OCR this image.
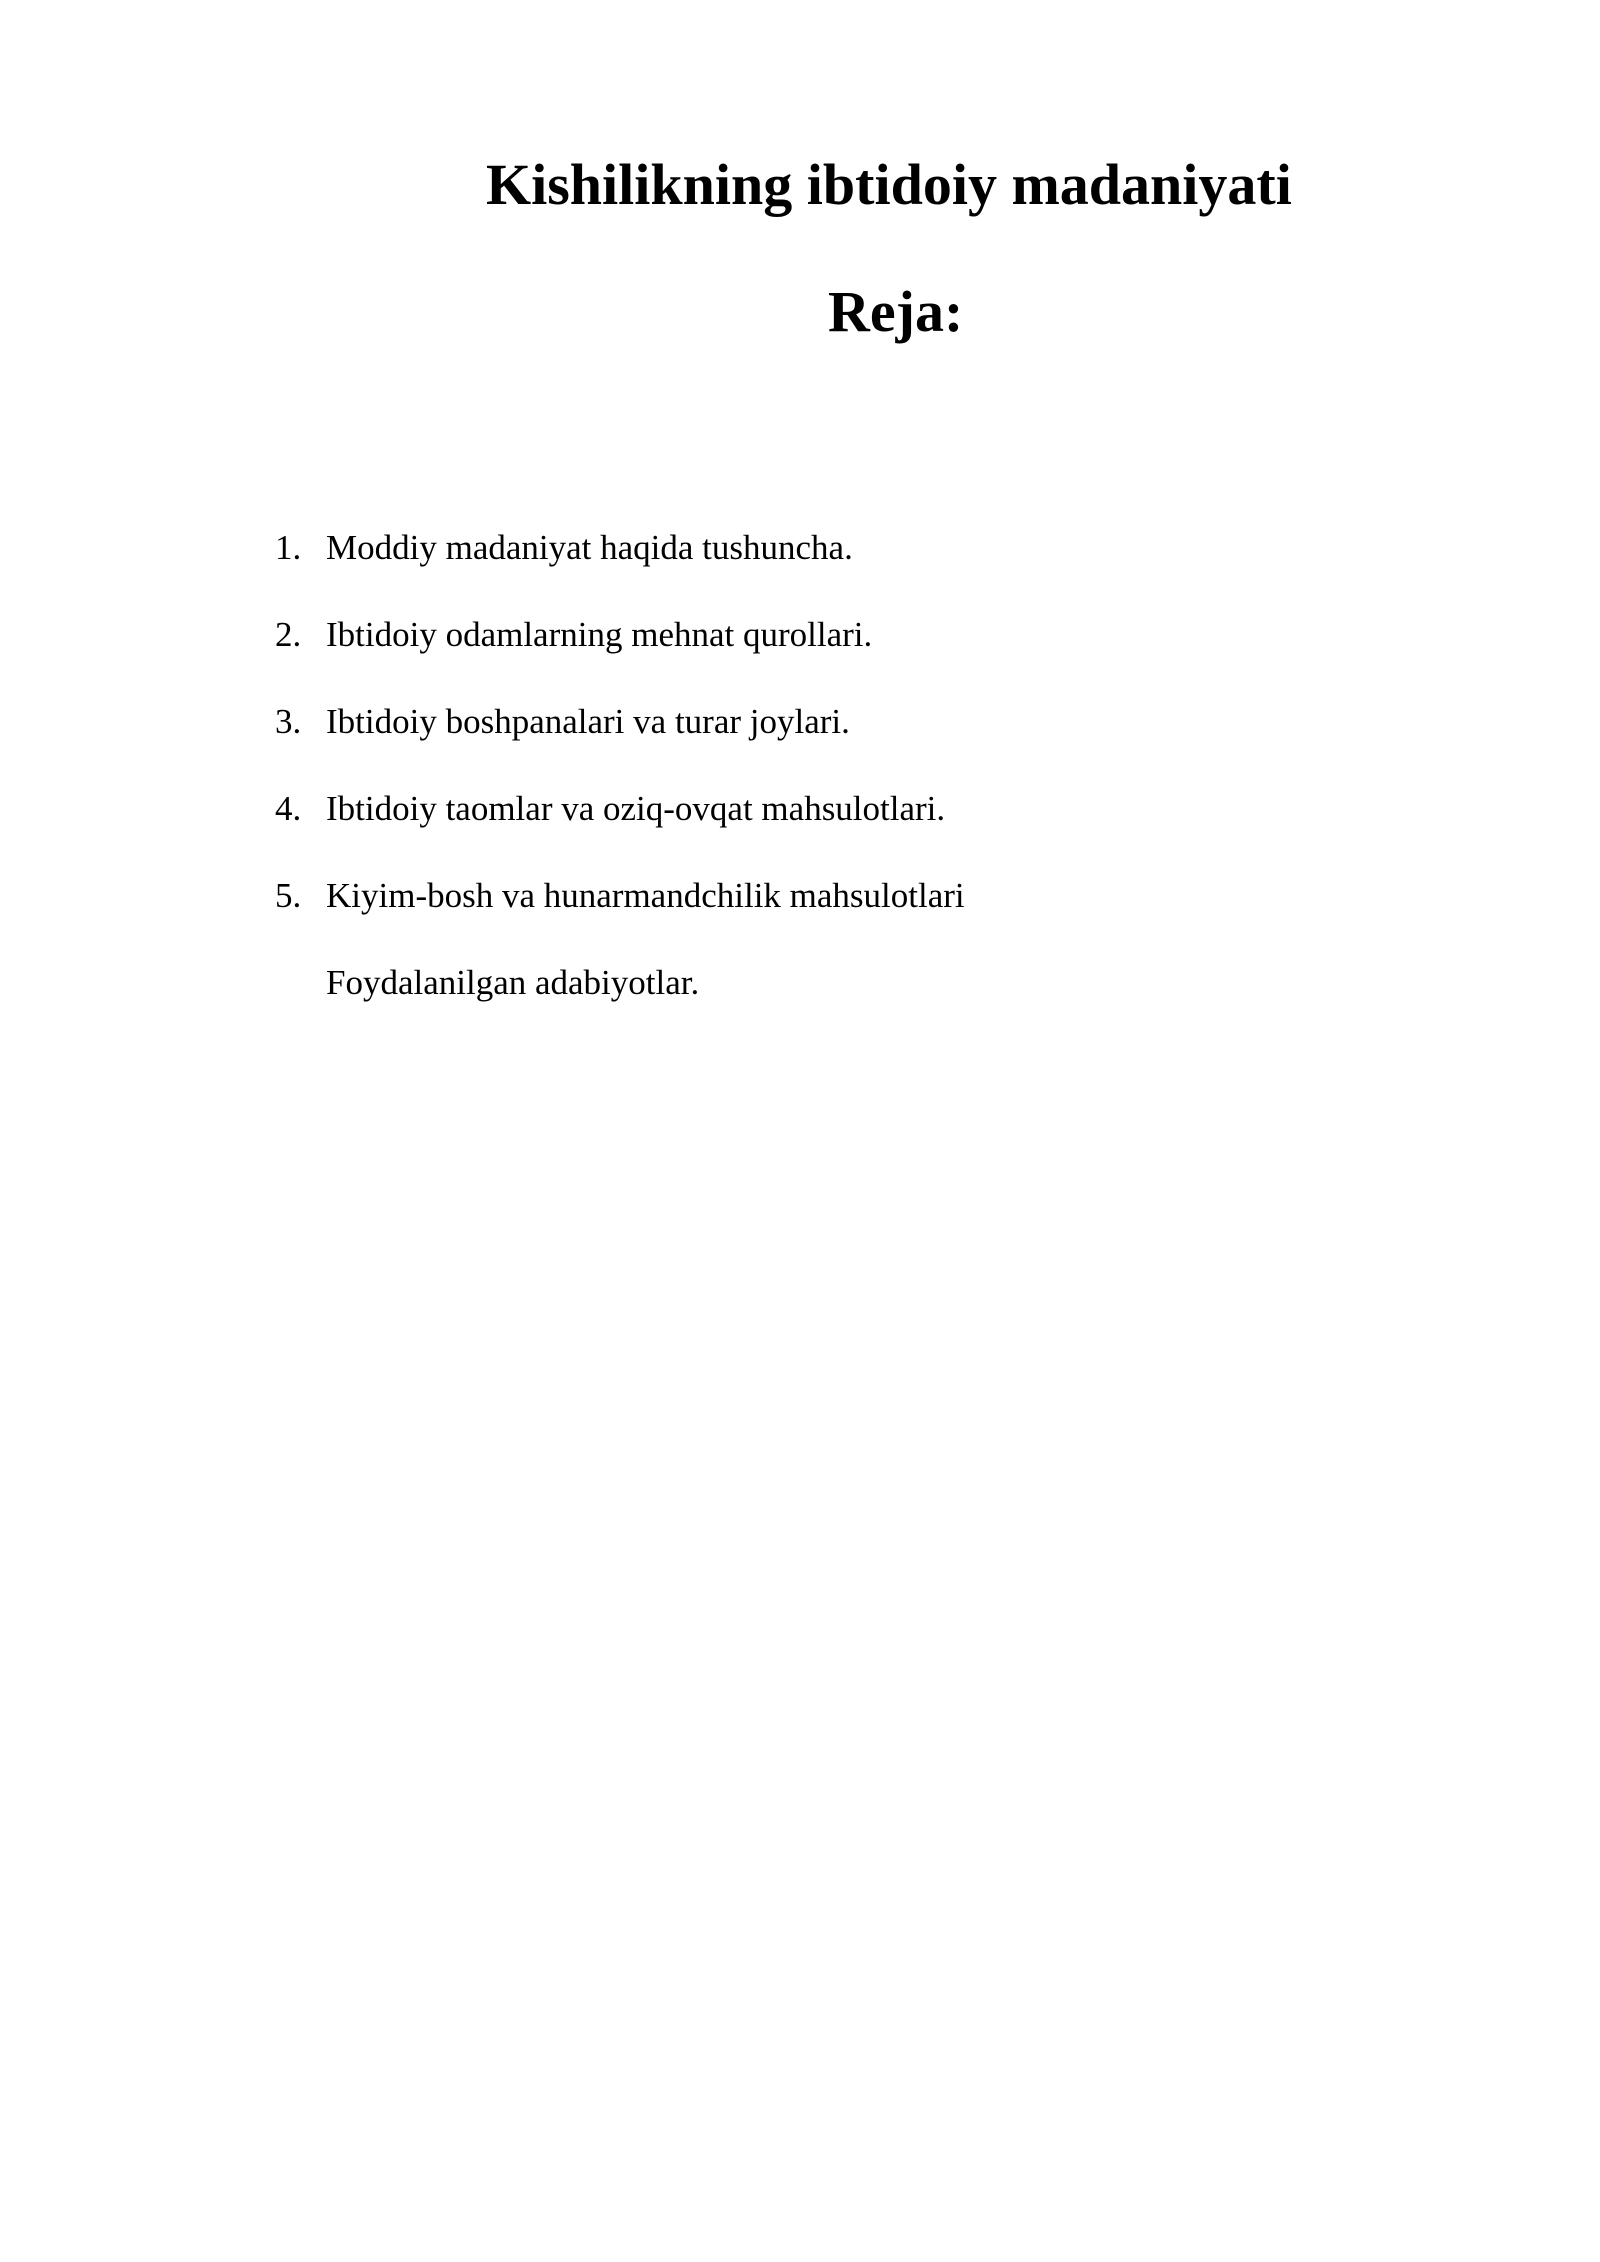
Kishilikning ibtidoiy madaniyati
Reja:
1. Moddiy madaniyat haqida tushuncha.
2. Ibtidoiy odamlarning mehnat qurollari.
3. Ibtidoiy boshpanalari va turar joylari.
4. Ibtidoiy taomlar va oziq-ovqat mahsulotlari.
5. Kiyim-bosh va hunarmandchilik mahsulotlari
Foydalanilgan adabiyotlar.
